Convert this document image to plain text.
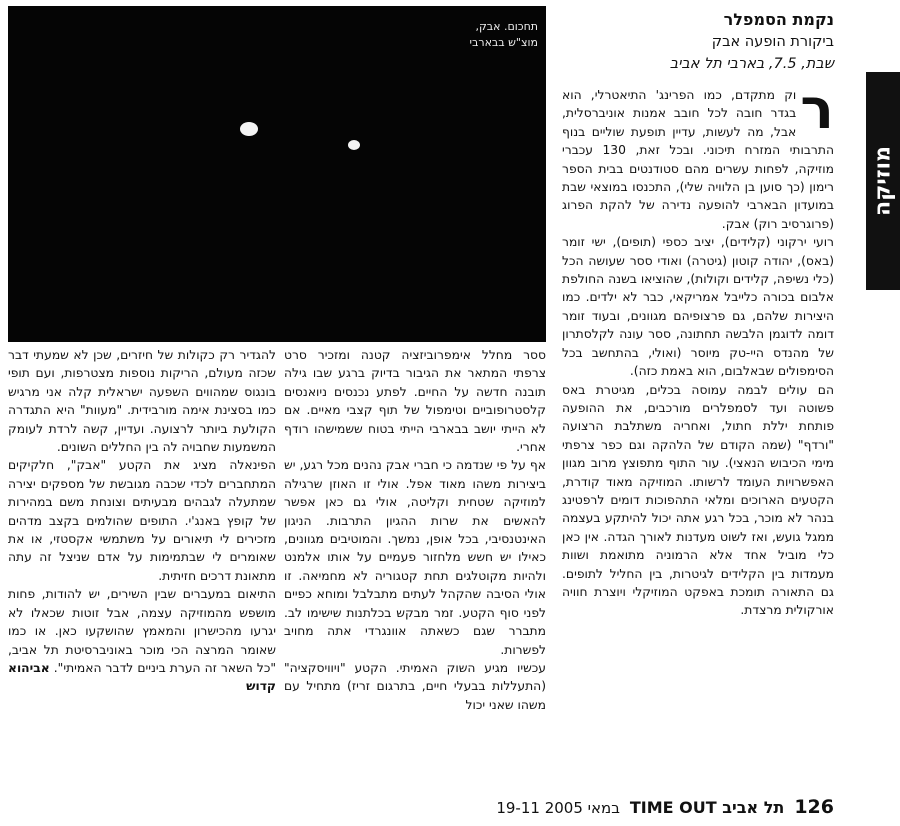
תחכום. אבק,
מוצ"ש בבארבי
מוזיקה
נקמת הסמפלר
ביקורת הופעה אבק
שבת, 7.5, בארבי תל אביב

ר
וק מתקדם, כמו הפרינג' התיאטרלי, הוא בגדר חובה לכל חובב אמנות אוניברסלית, אבל, מה לעשות, עדיין תופעת שוליים בנוף התרבותי המזרח תיכוני. ובכל זאת, 130 עכברי מוזיקה, לפחות עשרים מהם סטודנטים בבית הספר רימון (כך סוען בן הלוויה שלי), התכנסו במוצאי שבת במועדון הבארבי להופעה נדירה של להקת הפרוג (פרוגרסיב רוק) אבק.

רועי ירקוני (קלידים), יציב כספי (תופים), ישי זומר (באס), יהודה קוטון (גיטרה) ואודי ססר שעושה הכל (כלי נשיפה, קלידים וקולות), שהוציאו בשנה החולפת אלבום בכורה כלייבל אמריקאי, כבר לא ילדים. כמו היצירות שלהם, גם פרצופיהם מגוונים, ובעוד זומר דומה לדוגמן הלבשה תחתונה, ססר עונה לקלסתרון של מהנדס היי-טק מיוסר (ואולי, בהתחשב בכל הסימפולים שבאלבום, הוא באמת כזה).

הם עולים לבמה עמוסה בכלים, מגיטרת באס פשוטה ועד לסמפלרים מורכבים, את ההופעה פותחת יללת חתול, ואחריה משתלבת הרצועה "ורדף" (שמה הקודם של הלהקה וגם כפר צרפתי מימי הכיבוש הנאצי). עור התוף מתפוצץ מרוב מגוון האפשרויות העומד לרשותו. המוזיקה מאוד קודרת, הקטעים הארוכים ומלאי התהפוכות דומים לרפטינג בנהר לא מוכר, בכל רגע אתה יכול להיתקע בעצמה ממגל גועש, ואז לשוט מעדנות לאורך הגדה. אין כאן כלי מוביל אחד אלא הרמוניה מתואמת ושוות מעמדות בין הקלידים לגיטרות, בין החליל לתופים. גם התאורה תומכת באפקט המוזיקלי ויוצרת חוויה אורקולית מרצדת.

ססר מחלל אימפרוביזציה קטנה ומזכיר סרט צרפתי המתאר את הגיבור בדיוק ברגע שבו גילה תובנה חדשה על החיים. לפתע נכנסים ניואנסים קלסטרופוביים וטימפול של תוף קצבי מאיים. אם לא הייתי יושב בבארבי הייתי בטוח ששמישהו רודף אחרי.

אף על פי שנדמה כי חברי אבק נהנים מכל רגע, יש ביצירות משהו מאוד אפל. אולי זו האוזן שרגילה למוזיקה שטחית וקליטה, אולי גם כאן אפשר להאשים את שרות ההגיון התרבות. הניגון האינטנסיבי, בכל אופן, נמשך. והמוטיבים מגוונים, כאילו יש חשש מלחזור פעמיים על אותו אלמנט ולהיות מקוטלגים תחת קטגוריה לא מחמיאה. זו אולי הסיבה שהקהל לעתים מתבלבל ומוחא כפיים לפני סוף הקטע. זמר מבקש בכלתנות שישימו לב. מתברר שגם כשאתה אוונגרדי אתה מחויב לפשרות.

עכשיו מגיע השוק האמיתי. הקטע "ויוויסקציה" (התעללות בבעלי חיים, בתרגום זריז) מתחיל עם משהו שאני יכול

להגדיר רק כקולות של חיזרים, שכן לא שמעתי דבר שכזה מעולם, הריקות נוספות מצטרפות, ועם תופי בונגוס שמהווים השפעה ישראלית קלה אני מרגיש כמו בסצינת אימה מורבידית. "מעוות" היא התגדרה הקולעת ביותר לרצועה. ועדיין, קשה לרדת לעומק המשמעות שחבויה לה בין החללים השונים.

הפינאלה מציג את הקטע "אבק", חלקיקים המתחברים לכדי שכבה מגובשת של מספקים יצירה שמתעלה לגבהים מבעיתים וצונחת משם במהירות של קופץ באנג'י. התופים שהולמים בקצב מדהים מזכירים לי תיאורים על משתמשי אקסטזי, או את שאומרים לי שבתמימות על אדם שניצל זה עתה מתאונת דרכים חזיתית.

התיאום במעברים שבין השירים, יש להודות, פחות מושפש מהמוזיקה עצמה, אבל זוטות שכאלו לא יגרעו מהכישרון והמאמץ שהושקעו כאן. או כמו שאומר המרצה הכי מוכר באוניברסיטת תל אביב, "כל השאר זה הערת ביניים לדבר האמיתי". אביהוא קדוש

19-11 במאי 2005 TIME OUT תל אביב 126
